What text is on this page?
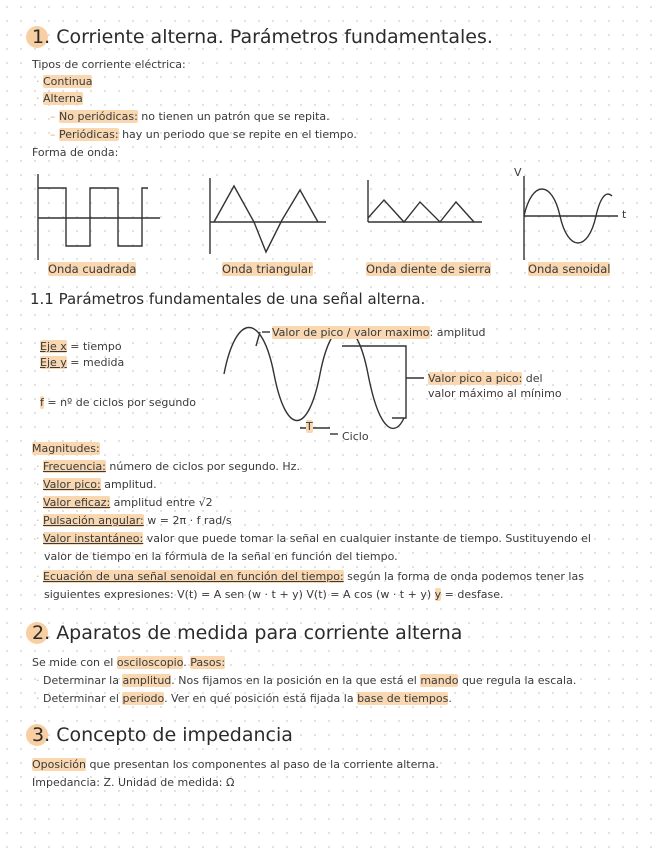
1. Corriente alterna. Parámetros fundamentales.
Tipos de corriente eléctrica:
· Continua
· Alterna
– No periódicas: no tienen un patrón que se repita.
– Periódicas: hay un periodo que se repite en el tiempo.
Forma de onda:
V
t
Onda cuadrada	Onda triangular	Onda diente de sierra	Onda senoidal
1.1 Parámetros fundamentales de una señal alterna.
Eje x = tiempo
Eje y = medida
f = nº de ciclos por segundo
Valor de pico / valor maximo: amplitud
Valor pico a pico: del
valor máximo al mínimo
T
Ciclo
Magnitudes:
· Frecuencia: número de ciclos por segundo. Hz.
· Valor pico: amplitud.
· Valor eficaz: amplitud entre √2
· Pulsación angular: w = 2π · f rad/s
· Valor instantáneo: valor que puede tomar la señal en cualquier instante de tiempo. Sustituyendo el
valor de tiempo en la fórmula de la señal en función del tiempo.
· Ecuación de una señal senoidal en función del tiempo: según la forma de onda podemos tener las
siguientes expresiones: V(t) = A sen (w · t + y) V(t) = A cos (w · t + y) y = desfase.
2. Aparatos de medida para corriente alterna
Se mide con el osciloscopio. Pasos:
· Determinar la amplitud. Nos fijamos en la posición en la que está el mando que regula la escala.
· Determinar el periodo. Ver en qué posición está fijada la base de tiempos.
3. Concepto de impedancia
Oposición que presentan los componentes al paso de la corriente alterna.
Impedancia: Z. Unidad de medida: Ω
